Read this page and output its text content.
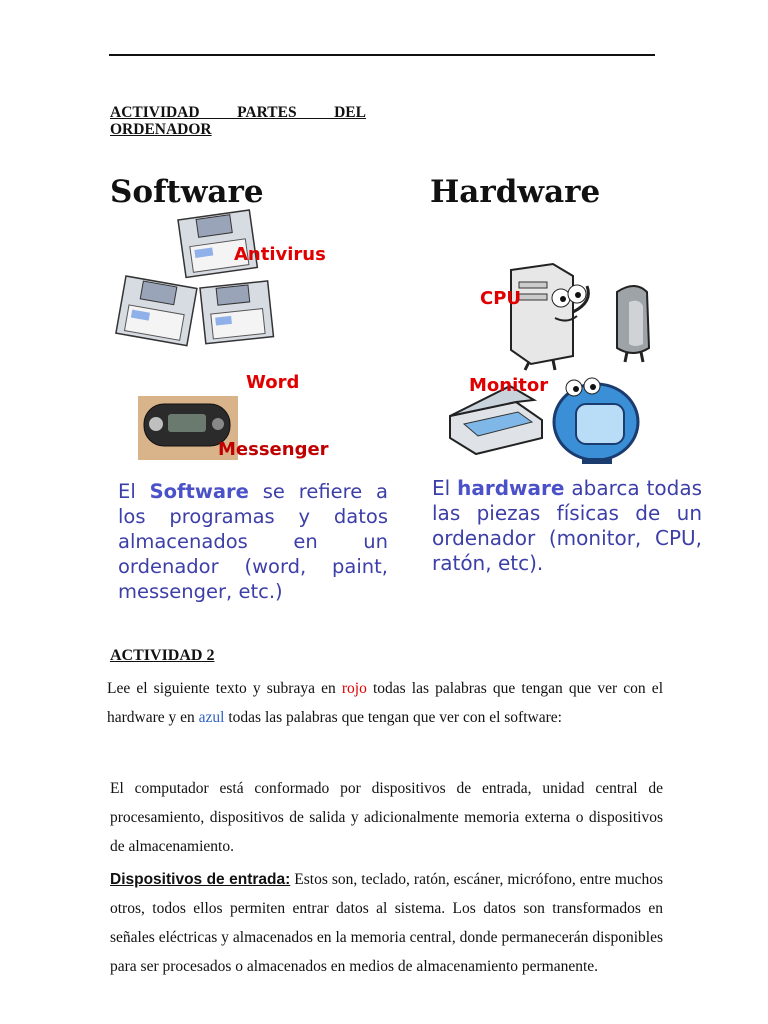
ACTIVIDAD PARTES DEL
ORDENADOR
Software	Hardware
Antivirus
Word
Messenger
CPU
Monitor
El Software se refiere a los programas y datos almacenados en un ordenador (word, paint, messenger, etc.)
El hardware abarca todas las piezas físicas de un ordenador (monitor, CPU, ratón, etc).
ACTIVIDAD 2
Lee el siguiente texto y subraya en rojo todas las palabras que tengan que ver con el hardware y en azul todas las palabras que tengan que ver con el software:
El computador está conformado por dispositivos de entrada, unidad central de procesamiento, dispositivos de salida y adicionalmente memoria externa o dispositivos de almacenamiento.
Dispositivos de entrada: Estos son, teclado, ratón, escáner, micrófono, entre muchos otros, todos ellos permiten entrar datos al sistema. Los datos son transformados en señales eléctricas y almacenados en la memoria central, donde permanecerán disponibles para ser procesados o almacenados en medios de almacenamiento permanente.
